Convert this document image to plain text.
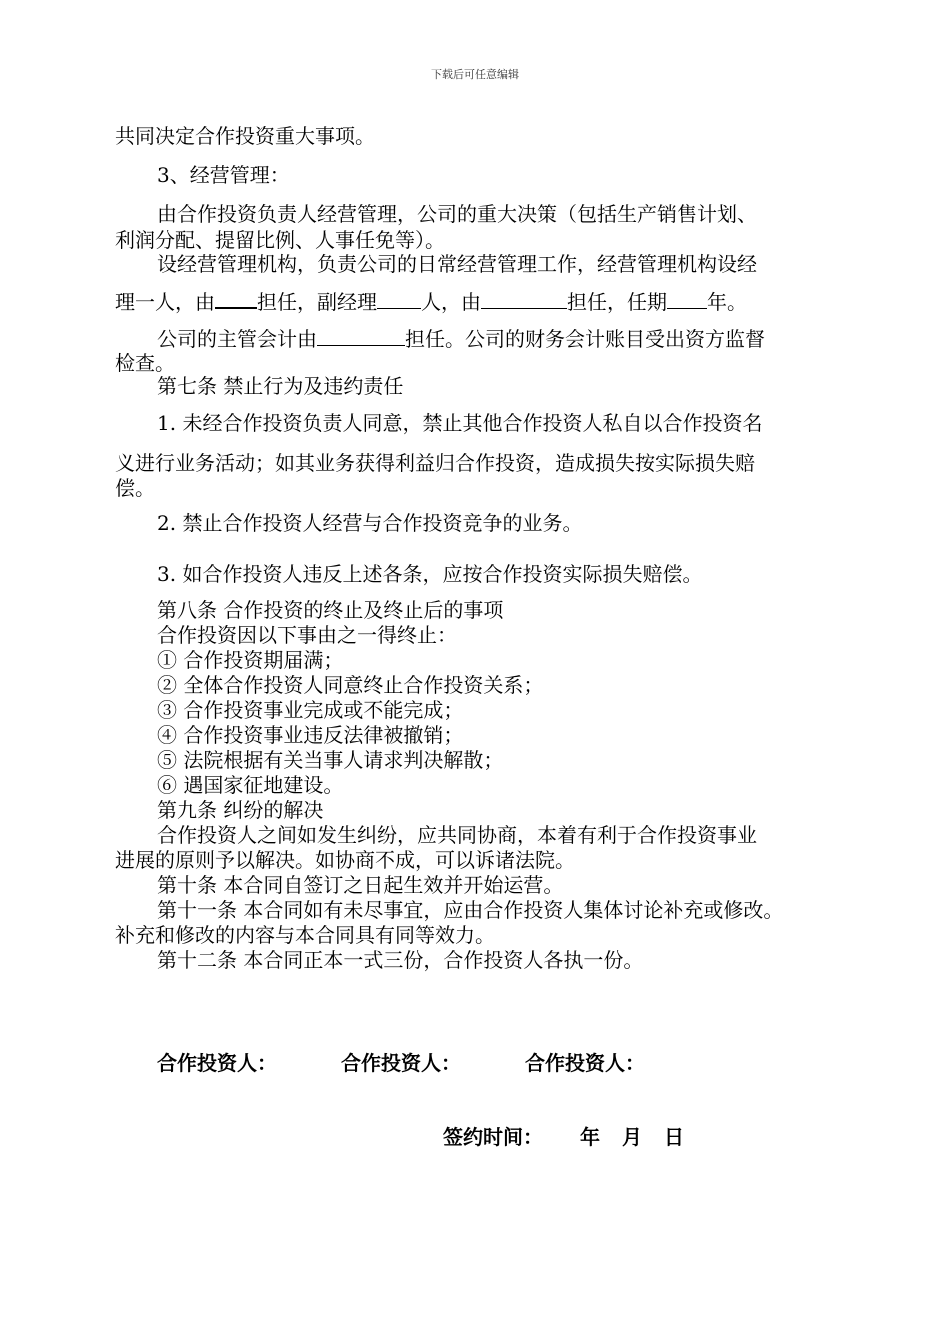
下载后可任意编辑
共同决定合作投资重大事项。
3、经营管理：
由合作投资负责人经营管理，公司的重大决策（包括生产销售计划、
利润分配、提留比例、人事任免等）。
设经营管理机构，负责公司的日常经营管理工作，经营管理机构设经
理一人，由 担任，副经理 人，由	担任，任期 年。
公司的主管会计由	担任。公司的财务会计账目受出资方监督
检查。
第七条 禁止行为及违约责任
1. 未经合作投资负责人同意，禁止其他合作投资人私自以合作投资名
义进行业务活动；如其业务获得利益归合作投资，造成损失按实际损失赔
偿。
2. 禁止合作投资人经营与合作投资竞争的业务。
3. 如合作投资人违反上述各条，应按合作投资实际损失赔偿。
第八条 合作投资的终止及终止后的事项
合作投资因以下事由之一得终止：
① 合作投资期届满；
② 全体合作投资人同意终止合作投资关系；
③ 合作投资事业完成或不能完成；
④ 合作投资事业违反法律被撤销；
⑤ 法院根据有关当事人请求判决解散；
⑥ 遇国家征地建设。
第九条 纠纷的解决
合作投资人之间如发生纠纷，应共同协商，本着有利于合作投资事业
进展的原则予以解决。如协商不成，可以诉诸法院。
第十条 本合同自签订之日起生效并开始运营。
第十一条 本合同如有未尽事宜，应由合作投资人集体讨论补充或修改。
补充和修改的内容与本合同具有同等效力。
第十二条 本合同正本一式三份，合作投资人各执一份。
合作投资人：	合作投资人：	合作投资人：
签约时间： 年 月 日
